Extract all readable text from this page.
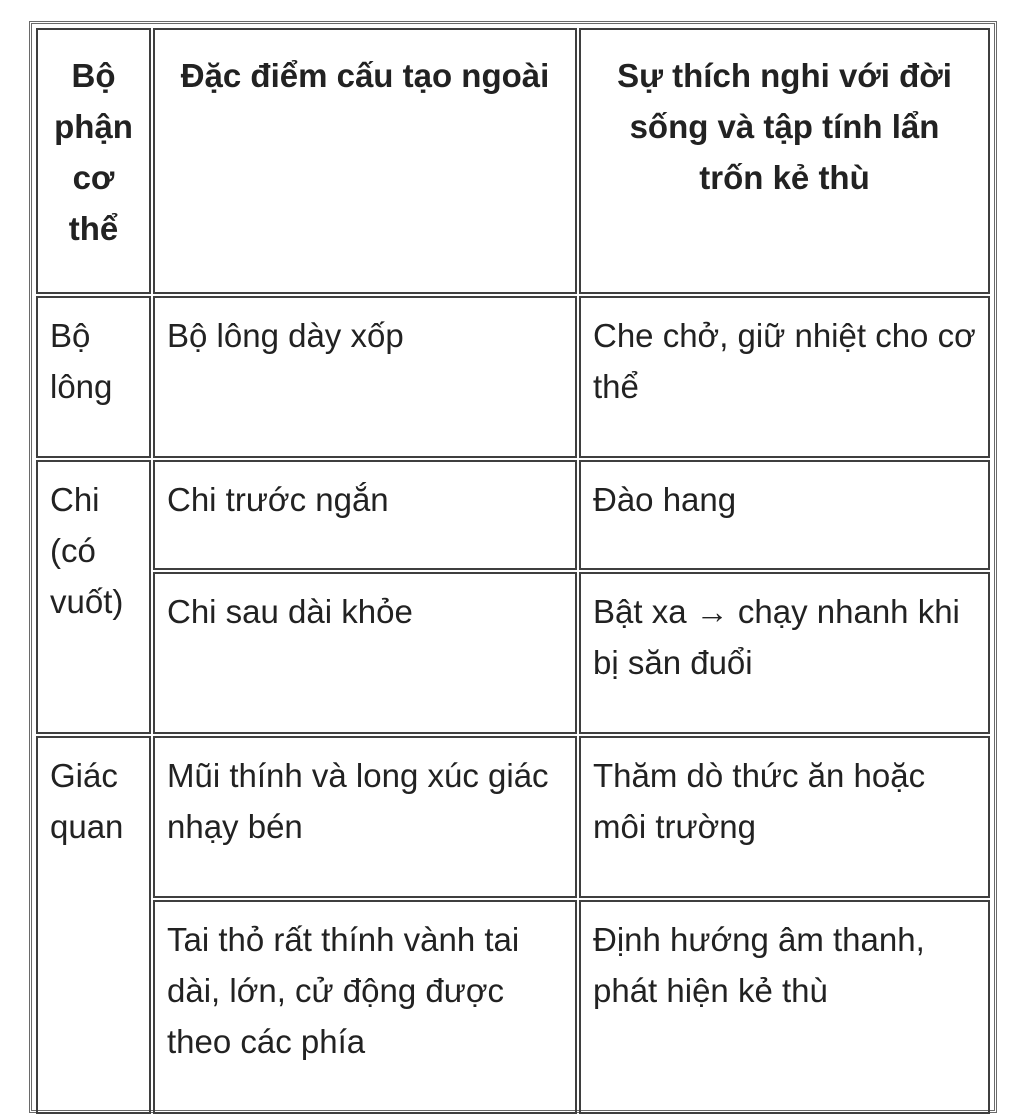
Bộ phận cơ thể	Đặc điểm cấu tạo ngoài	Sự thích nghi với đời sống và tập tính lẩn trốn kẻ thù
Bộ lông	Bộ lông dày xốp	Che chở, giữ nhiệt cho cơ thể
Chi (có vuốt)	Chi trước ngắn	Đào hang
	Chi sau dài khỏe	Bật xa → chạy nhanh khi bị săn đuổi
Giác quan	Mũi thính và long xúc giác nhạy bén	Thăm dò thức ăn hoặc môi trường
	Tai thỏ rất thính vành tai dài, lớn, cử động được theo các phía	Định hướng âm thanh, phát hiện kẻ thù
